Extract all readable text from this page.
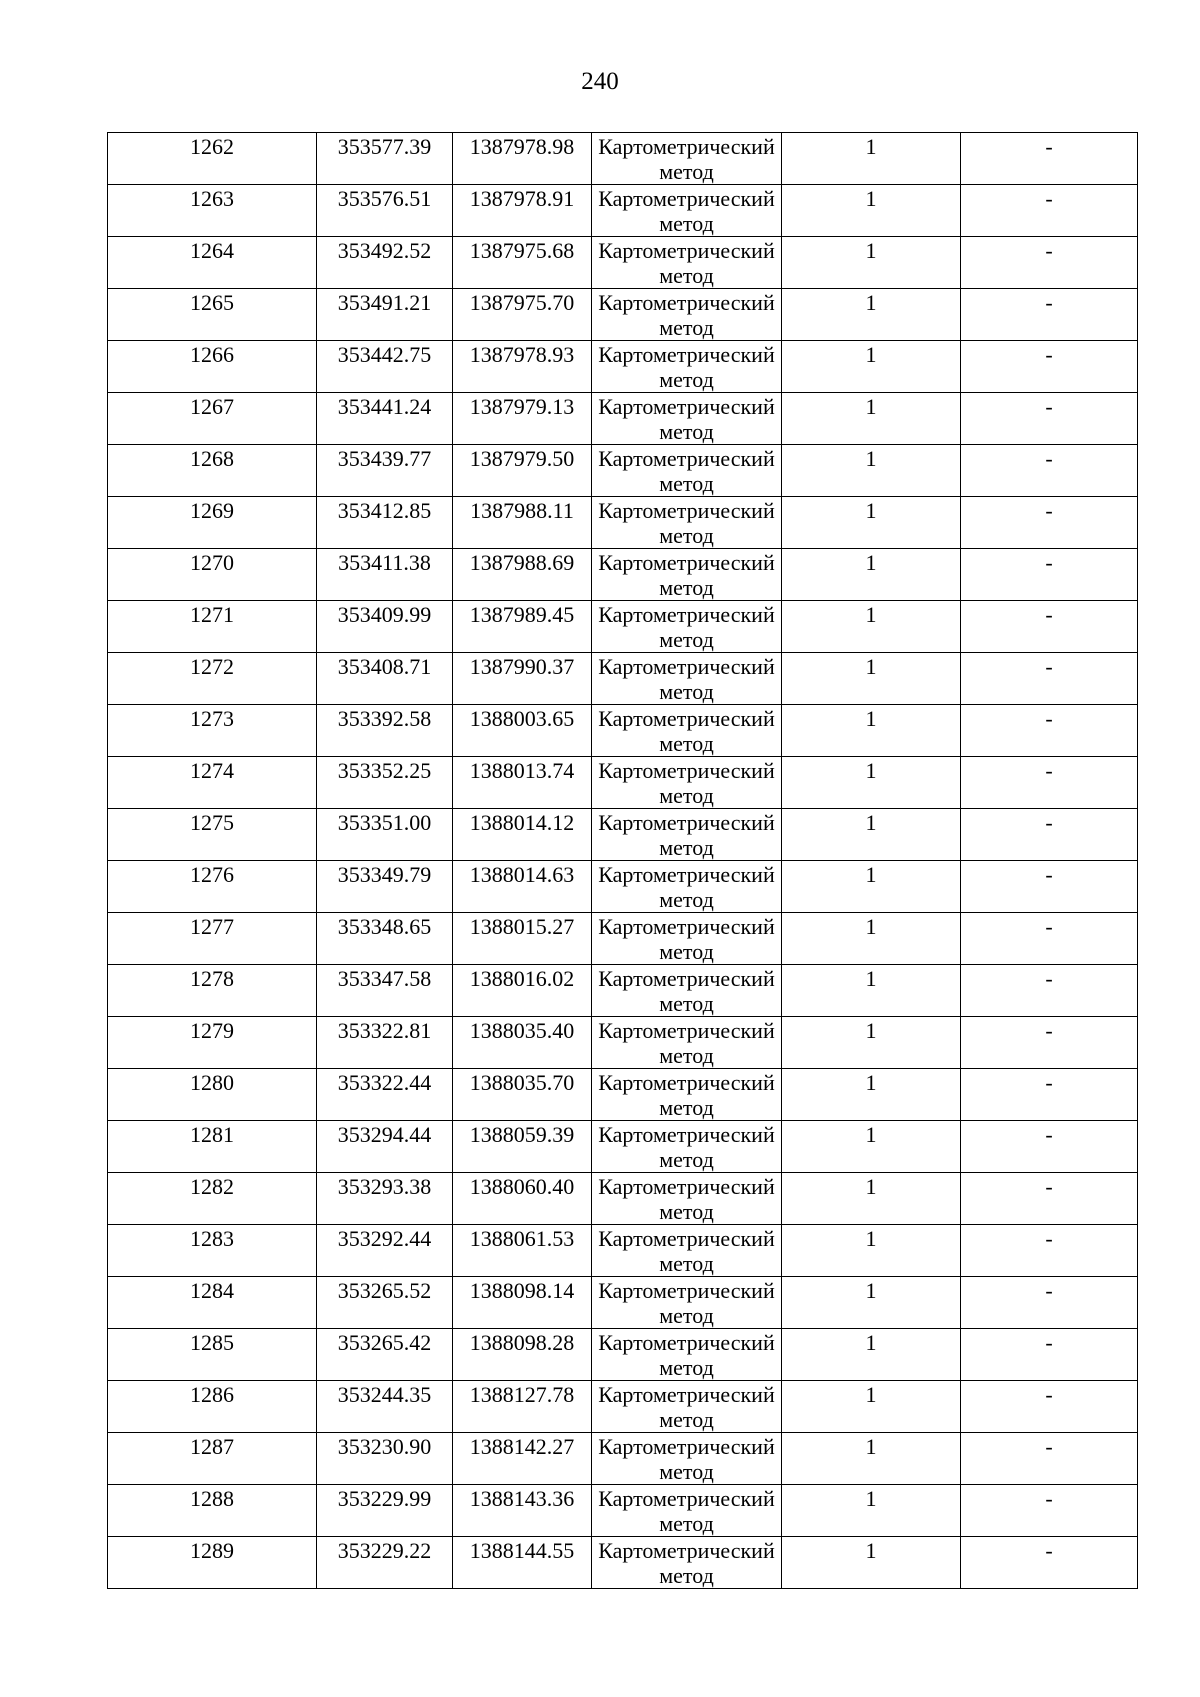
240
1262	353577.39	1387978.98	Картометрический метод	1	-

1263	353576.51	1387978.91	Картометрический метод	1	-

1264	353492.52	1387975.68	Картометрический метод	1	-

1265	353491.21	1387975.70	Картометрический метод	1	-

1266	353442.75	1387978.93	Картометрический метод	1	-

1267	353441.24	1387979.13	Картометрический метод	1	-

1268	353439.77	1387979.50	Картометрический метод	1	-

1269	353412.85	1387988.11	Картометрический метод	1	-

1270	353411.38	1387988.69	Картометрический метод	1	-

1271	353409.99	1387989.45	Картометрический метод	1	-

1272	353408.71	1387990.37	Картометрический метод	1	-

1273	353392.58	1388003.65	Картометрический метод	1	-

1274	353352.25	1388013.74	Картометрический метод	1	-

1275	353351.00	1388014.12	Картометрический метод	1	-

1276	353349.79	1388014.63	Картометрический метод	1	-

1277	353348.65	1388015.27	Картометрический метод	1	-

1278	353347.58	1388016.02	Картометрический метод	1	-

1279	353322.81	1388035.40	Картометрический метод	1	-

1280	353322.44	1388035.70	Картометрический метод	1	-

1281	353294.44	1388059.39	Картометрический метод	1	-

1282	353293.38	1388060.40	Картометрический метод	1	-

1283	353292.44	1388061.53	Картометрический метод	1	-

1284	353265.52	1388098.14	Картометрический метод	1	-

1285	353265.42	1388098.28	Картометрический метод	1	-

1286	353244.35	1388127.78	Картометрический метод	1	-

1287	353230.90	1388142.27	Картометрический метод	1	-

1288	353229.99	1388143.36	Картометрический метод	1	-

1289	353229.22	1388144.55	Картометрический метод	1	-
